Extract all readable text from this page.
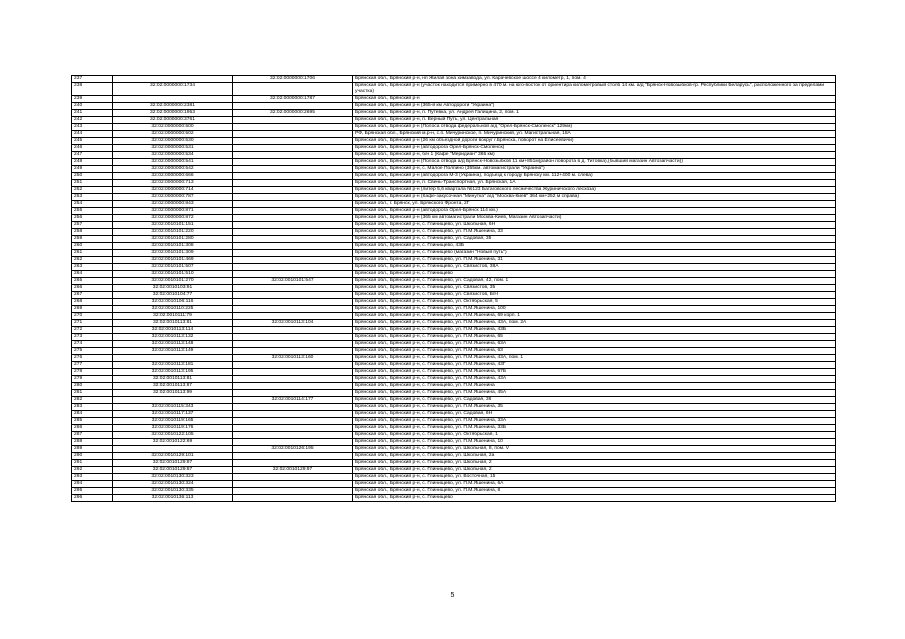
237		32:02:0000000:1706	Брянская обл., Брянский р-н, нп Жилая зона химзавода, ул. Карачевское шоссе 4 километр, 1, пом. 4
238	32:02:0000000:1734		Брянская обл., Брянский р-н (участок находится примерно в 470 м. на юго-восток от ориентира километровый столб 14 км. а/д "Брянск-Новозыбков-гр. Республики Беларусь", расположенного за пределами участка)
239		32:02:0000000:1787	Брянская обл., Брянский р-н
240	32:02:0000000:2381		Брянская обл., Брянский р-н (365-й км Автодороги "Украина")
241	32:02:0000000:1953	32:02:0000000:2695	Брянская обл., Брянский р-н, п. Путевка, ул. Андрея Галицина, 2, пом. 1
242	32:02:0000000:3761		Брянская обл., Брянский р-н, п. Верный Путь, ул. Центральная
243	32:02:0000000:500		Брянская обл., Брянский р-н (Полоса отвода федеральной а/д "Орел-Брянск-Смоленск" 129км)
244	32:02:0000000:502		РФ, Брянская обл., Брянский м.р-н, с.п. Мичуринское, п. Мичуринский, ул. Магистральная, 18А
245	32:02:0000000:530		Брянская обл., Брянский р-н (26 км объездной дороги вокруг г.Брянска, поворот на Елисеевичи)
246	32:02:0000000:531		Брянская обл., Брянский р-н (автодорога Орел-Брянск-Смоленск)
247	32:02:0000000:534		Брянская обл., Брянский р-н, б/н 1 (Кафе "Меридиан" 365 км)
248	32:02:0000000:541		Брянская обл., Брянский р-н (Полоса отвода а/д Брянск-Новозыбков 11 км+851м(район поворота в д. Титовка),(бывший магазин Автозапчасти))
249	32:02:0000000:542		Брянская обл., Брянский р-н, с. Малое Полпино (355км. автомагистрали "Украина")
250	32:02:0000000:666		Брянская обл., Брянский р-н (автодорога М-3 (Украина), подъезд к городу Брянску км. 112+400 м. слева)
251	32:02:0000000:713		Брянская обл., Брянский р-н, п. Свень-Транспортная, ул. Брянская, 1А
252	32:02:0000000:714		Брянская обл., Брянский р-н (литер 5,6 квартала №123 Батаговского лесничества Журиничского лесхоза)
253	32:02:0000000:787		Брянская обл., Брянский р-н (Кафе-закусочная "Минутка" а/д "Москва-Киев" 364 км+252 м справа)
254	32:02:0000000:843		Брянская обл., г. Брянск, ул. Брянского Фронта, 2Г
255	32:02:0000000:871		Брянская обл., Брянский р-н (автодорога Орел-Брянск 114 км.)
256	32:02:0000000:872		Брянская обл., Брянский р-н (365 км автомагистрали Москва-Киев, Магазин Автозапчасти)
257	32:02:0010101:151		Брянская обл., Брянский р-н, с. Глинищево, ул. Школьная, 6Н
258	32:02:0010101:220		Брянская обл., Брянский р-н, с. Глинищево, ул. П.М.Яшенина, 33
259	32:02:0010101:280		Брянская обл., Брянский р-н, с. Глинищево, ул. Садовая, 35
260	32:02:0010101:308		Брянская обл., Брянский р-н, с. Глинищево, 43Б
261	32:02:0010101:309		Брянская обл., Брянский р-н, с. Глинищево (магазин "Новый путь")
262	32:02:0010101:469		Брянская обл., Брянский р-н, с. Глинищево, ул. П.М.Яшенина, 31
263	32:02:0010101:507		Брянская обл., Брянский р-н, с. Глинищево, ул. Связистов, 38А
264	32:02:0010101:510		Брянская обл., Брянский р-н, с. Глинищево
265	32:02:0010101:270	32:02:0010101:547	Брянская обл., Брянский р-н, с. Глинищево, ул. Садовая, 42, пом. 1
266	32:02:0010103:91		Брянская обл., Брянский р-н, с. Глинищево, ул. Связистов, 35
267	32:02:0010104:77		Брянская обл., Брянский р-н, с. Глинищево, ул. Связистов, Б/Н
268	32:02:0010106:116		Брянская обл., Брянский р-н, с. Глинищево, ул. Октябрьская, 5
269	32:02:0010110:225		Брянская обл., Брянский р-н, с. Глинищево, ул. П.М.Яшенина, 100
270	32:02:0010111:79		Брянская обл., Брянский р-н, с. Глинищево, ул. П.М.Яшенина, 69 корп. 1
271	32:02:0010113:81	32:02:0010113:104	Брянская обл., Брянский р-н, с. Глинищево, ул. П.М.Яшенина, 43А, пом. 2А
272	32:02:0010113:114		Брянская обл., Брянский р-н, с. Глинищево, ул. П.М.Яшенина, 43Б
273	32:02:0010113:132		Брянская обл., Брянский р-н, с. Глинищево, ул. П.М.Яшенина, 65
274	32:02:0010113:148		Брянская обл., Брянский р-н, с. Глинищево, ул. П.М.Яшенина, 63А
275	32:02:0010113:149		Брянская обл., Брянский р-н, с. Глинищево, ул. П.М.Яшенина, 63
276		32:02:0010113:160	Брянская обл., Брянский р-н, с. Глинищево, ул. П.М.Яшенина, 43А, пом. 1
277	32:02:0010113:181		Брянская обл., Брянский р-н, с. Глинищево, ул. П.М.Яшенина, 43Г
278	32:02:0010113:195		Брянская обл., Брянский р-н, с. Глинищево, ул. П.М.Яшенина, 67Б
279	32:02:0010113:81		Брянская обл., Брянский р-н, с. Глинищево, ул. П.М.Яшенина, 43А
280	32:02:0010113:87		Брянская обл., Брянский р-н, с. Глинищево, ул. П.М.Яшенина
281	32:02:0010113:99		Брянская обл., Брянский р-н, с. Глинищево, ул. П.М.Яшенина, 45А
282		32:02:0010114:177	Брянская обл., Брянский р-н, с. Глинищево, ул. Садовая, 36
283	32:02:0010115:343		Брянская обл., Брянский р-н, с. Глинищево, ул. П.М.Яшенина, 35
284	32:02:0010117:137		Брянская обл., Брянский р-н, с. Глинищево, ул. Садовая, 6Н
285	32:02:0010119:165		Брянская обл., Брянский р-н, с. Глинищево, ул. П.М.Яшенина, 33А
286	32:02:0010119:176		Брянская обл., Брянский р-н, с. Глинищево, ул. П.М.Яшенина, 33Б
287	32:02:0010122:105		Брянская обл., Брянский р-н, с. Глинищево, ул. Октябрьская, 1
288	32:02:0010122:69		Брянская обл., Брянский р-н, с. Глинищево, ул. П.М.Яшенина, 10
289		32:02:0010126:195	Брянская обл., Брянский р-н, с. Глинищево, ул. Школьная, 8, пом. V
290	32:02:0010129:101		Брянская обл., Брянский р-н, с. Глинищево, ул. Школьная, 2а
291	32:02:0010129:87		Брянская обл., Брянский р-н, с. Глинищево, ул. Школьная, 2
292	32:02:0010129:87	32:02:0010129:97	Брянская обл., Брянский р-н, с. Глинищево, ул. Школьная, 2
293	32:02:0010130:323		Брянская обл., Брянский р-н, с. Глинищево, ул. Восточная, 15
294	32:02:0010130:324		Брянская обл., Брянский р-н, с. Глинищево, ул. П.М.Яшенина, 6А
295	32:02:0010130:335		Брянская обл., Брянский р-н, с. Глинищево, ул. П.М.Яшенина, 8
296	32:02:0010136:113		Брянская обл., Брянский р-н, с. Глинищево
5
